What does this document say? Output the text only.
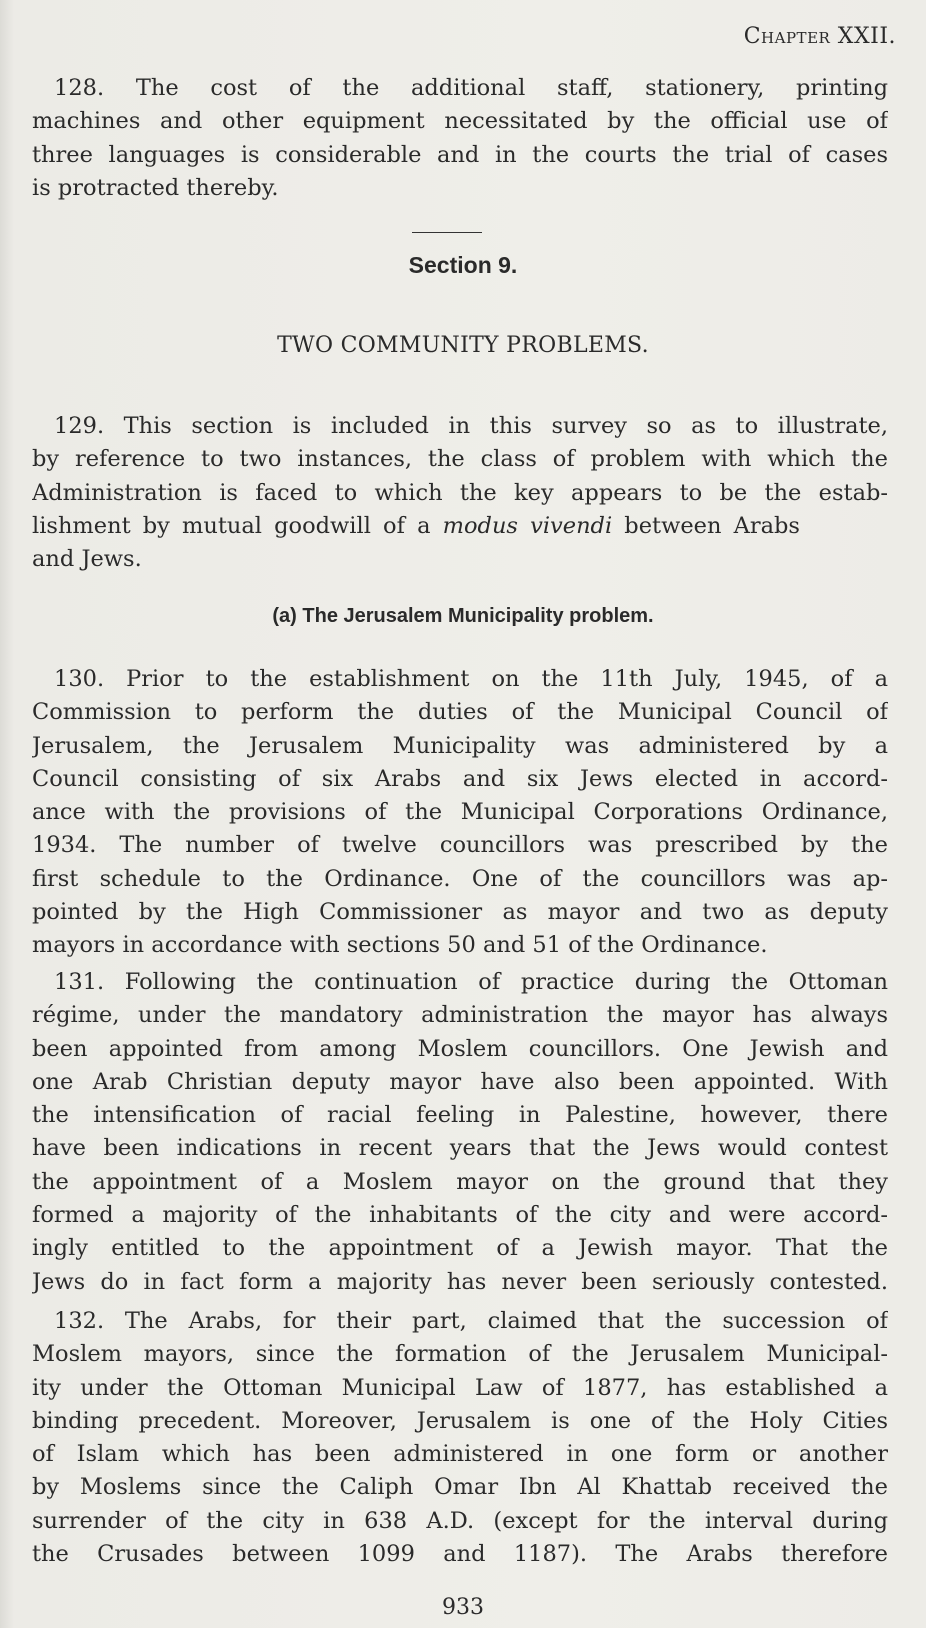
Chapter XXII.
128. The cost of the additional staff, stationery, printing
machines and other equipment necessitated by the official use of
three languages is considerable and in the courts the trial of cases
is protracted thereby.
Section 9.
TWO COMMUNITY PROBLEMS.
129. This section is included in this survey so as to illustrate,
by reference to two instances, the class of problem with which the
Administration is faced to which the key appears to be the estab-
lishment by mutual goodwill of a modus vivendi between Arabs
and Jews.
(a) The Jerusalem Municipality problem.
130. Prior to the establishment on the 11th July, 1945, of a
Commission to perform the duties of the Municipal Council of
Jerusalem, the Jerusalem Municipality was administered by a
Council consisting of six Arabs and six Jews elected in accord-
ance with the provisions of the Municipal Corporations Ordinance,
1934. The number of twelve councillors was prescribed by the
first schedule to the Ordinance. One of the councillors was ap-
pointed by the High Commissioner as mayor and two as deputy
mayors in accordance with sections 50 and 51 of the Ordinance.
131. Following the continuation of practice during the Ottoman
régime, under the mandatory administration the mayor has always
been appointed from among Moslem councillors. One Jewish and
one Arab Christian deputy mayor have also been appointed. With
the intensification of racial feeling in Palestine, however, there
have been indications in recent years that the Jews would contest
the appointment of a Moslem mayor on the ground that they
formed a majority of the inhabitants of the city and were accord-
ingly entitled to the appointment of a Jewish mayor. That the
Jews do in fact form a majority has never been seriously contested.
132. The Arabs, for their part, claimed that the succession of
Moslem mayors, since the formation of the Jerusalem Municipal-
ity under the Ottoman Municipal Law of 1877, has established a
binding precedent. Moreover, Jerusalem is one of the Holy Cities
of Islam which has been administered in one form or another
by Moslems since the Caliph Omar Ibn Al Khattab received the
surrender of the city in 638 A.D. (except for the interval during
the Crusades between 1099 and 1187). The Arabs therefore
933
